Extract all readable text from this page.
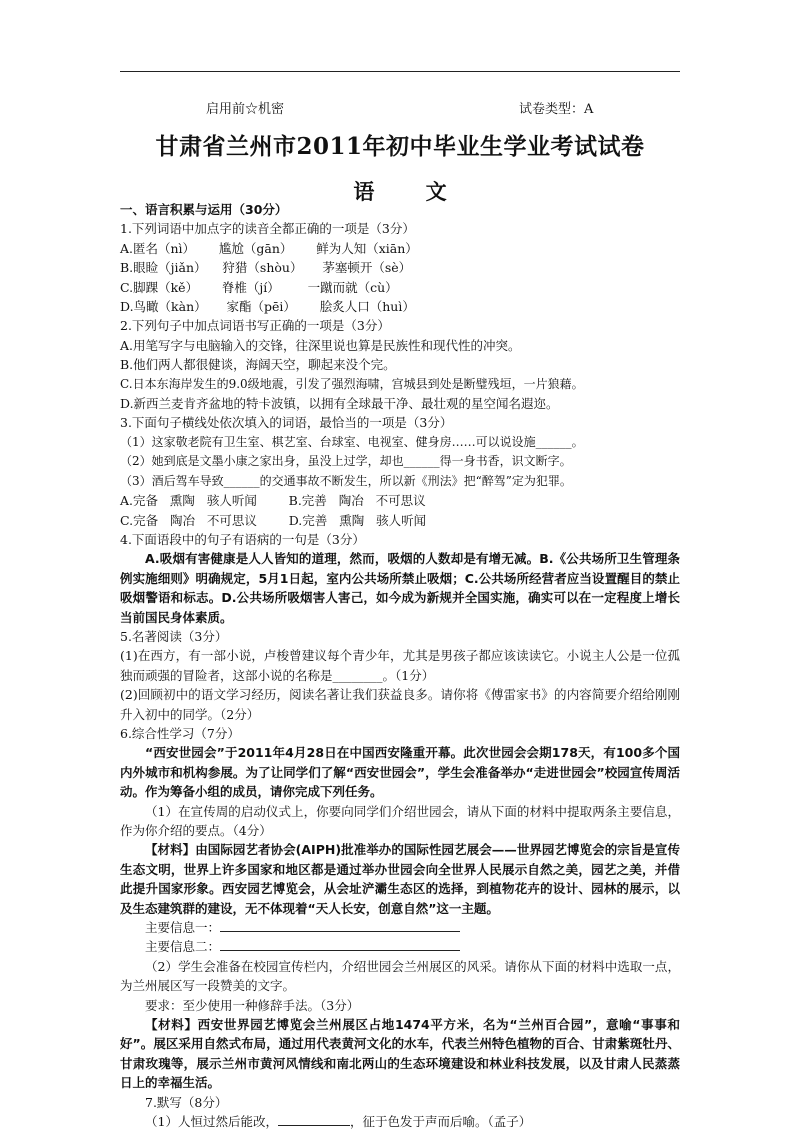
启用前☆机密	试卷类型：A
甘肃省兰州市2011年初中毕业生学业考试试卷
语 文

一、语言积累与运用（30分）

1.下列词语中加点字的读音全都正确的一项是（3分）

A.匿名（nì）      尴尬（gān）      鲜为人知（xiān）

B.眼睑（jiǎn）    狩猎（shòu）     茅塞顿开（sè）

C.脚踝（kě）      脊椎（jí）       一蹴而就（cù）

D.鸟瞰（kàn）     家酯（pēi）      脍炙人口（huì）

2.下列句子中加点词语书写正确的一项是（3分）

A.用笔写字与电脑输入的交锋，往深里说也算是民族性和现代性的冲突。

B.他们两人都很健谈，海阔天空，聊起来没个完。

C.日本东海岸发生的9.0级地震，引发了强烈海啸，宫城县到处是断璧残垣，一片狼藉。

D.新西兰麦肯齐盆地的特卡波镇，以拥有全球最干净、最壮观的星空闻名遐迩。

3.下面句子横线处依次填入的词语，最恰当的一项是（3分）

（1）这家敬老院有卫生室、棋艺室、台球室、电视室、健身房……可以说设施______。

（2）她到底是文墨小康之家出身，虽没上过学，却也______得一身书香，识文断字。

（3）酒后驾车导致______的交通事故不断发生，所以新《刑法》把“醉驾”定为犯罪。

A.完备   熏陶   骇人听闻        B.完善   陶冶   不可思议

C.完备   陶冶   不可思议        D.完善   熏陶   骇人听闻

4.下面语段中的句子有语病的一句是（3分）

A.吸烟有害健康是人人皆知的道理，然而，吸烟的人数却是有增无减。B.《公共场所卫生管理条例实施细则》明确规定，5月1日起，室内公共场所禁止吸烟；C.公共场所经营者应当设置醒目的禁止吸烟警语和标志。D.公共场所吸烟害人害己，如今成为新规并全国实施，确实可以在一定程度上增长当前国民身体素质。

5.名著阅读（3分）

(1)在西方，有一部小说，卢梭曾建议每个青少年，尤其是男孩子都应该读读它。小说主人公是一位孤独而顽强的冒险者，这部小说的名称是________。（1分）

(2)回顾初中的语文学习经历，阅读名著让我们获益良多。请你将《傅雷家书》的内容简要介绍给刚刚升入初中的同学。（2分）

6.综合性学习（7分）

“西安世园会”于2011年4月28日在中国西安隆重开幕。此次世园会会期178天，有100多个国内外城市和机构参展。为了让同学们了解“西安世园会”，学生会准备举办“走进世园会”校园宣传周活动。作为筹备小组的成员，请你完成下列任务。

（1）在宣传周的启动仪式上，你要向同学们介绍世园会，请从下面的材料中提取两条主要信息，作为你介绍的要点。（4分）

【材料】由国际园艺者协会(AIPH)批准举办的国际性园艺展会——世界园艺博览会的宗旨是宣传生态文明，世界上许多国家和地区都是通过举办世园会向全世界人民展示自然之美，园艺之美，并借此提升国家形象。西安园艺博览会，从会址浐灞生态区的选择，到植物花卉的设计、园林的展示，以及生态建筑群的建设，无不体现着“天人长安，创意自然”这一主题。

主要信息一：

主要信息二：

（2）学生会准备在校园宣传栏内，介绍世园会兰州展区的风采。请你从下面的材料中选取一点，为兰州展区写一段赞美的文字。

要求：至少使用一种修辞手法。（3分）

【材料】西安世界园艺博览会兰州展区占地1474平方米，名为“兰州百合园”，意喻“事事和好”。展区采用自然式布局，通过用代表黄河文化的水车，代表兰州特色植物的百合、甘肃紫斑牡丹、甘肃玫瑰等，展示兰州市黄河风情线和南北两山的生态环境建设和林业科技发展，以及甘肃人民蒸蒸日上的幸福生活。

7.默写（8分）

（1）人恒过然后能改，	，征于色发于声而后喻。（孟子）
